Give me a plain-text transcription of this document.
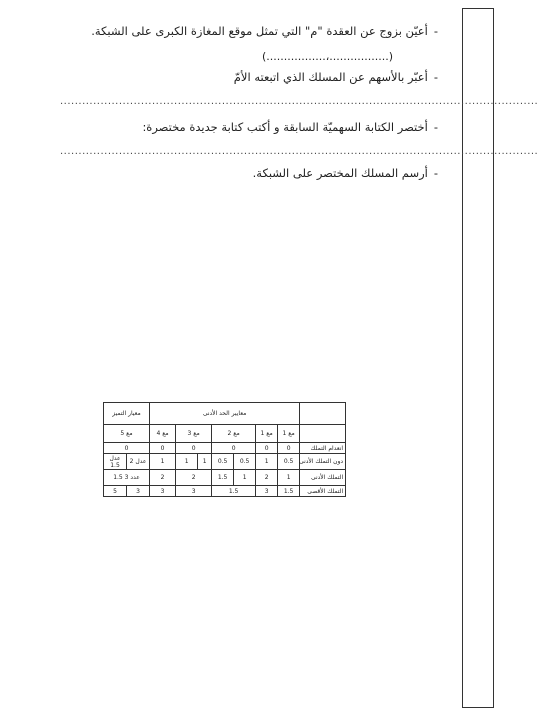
-أعيّن بزوج عن العقدة "م" التي تمثل موقع المغازة الكبرى على الشبكة.
(.................،.................)
-أعبّر بالأسهم عن المسلك الذي اتبعته الأمّ
..................................................................................................................................
-أختصر الكتابة السهميّة السابقة و أكتب كتابة جديدة مختصرة:
..................................................................................................................................
-أرسم المسلك المختصر على الشبكة.
	معايير الحد الأدنى							معيار التميز	
	مع 1	مع 1	مع 2		مع 3		مع 4	مع 5	
انعدام التملك	0	0	0		0		0	0	
دون التملك الأدنى	0.5	1	0.5	0.5	1	1	1	عدل 2	عدل 1.5
التملك الأدنى	1	2	1	1.5	2		2	عدد 3 1.5	
التملك الأقصى	1.5	3	1.5		3		3	3	5
